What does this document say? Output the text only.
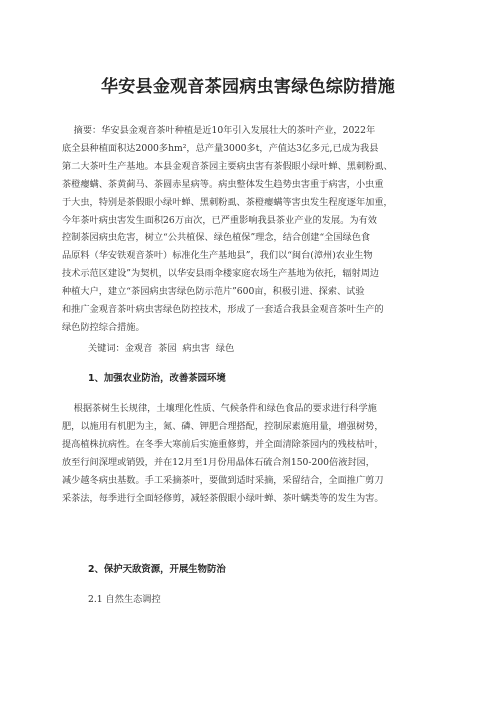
华安县金观音茶园病虫害绿色综防措施
摘要：华安县金观音茶叶种植是近10年引入发展壮大的茶叶产业，2022年
底全县种植面积达2000多hm²，总产量3000多t，产值达3亿多元,已成为我县
第二大茶叶生产基地。本县金观音茶园主要病虫害有茶假眼小绿叶蝉、黑刺粉虱、
茶橙瘿螨、茶黄蓟马、茶圆赤星病等。病虫整体发生趋势虫害重于病害，小虫重
于大虫，特别是茶假眼小绿叶蝉、黑刺粉虱、茶橙瘿螨等害虫发生程度逐年加重，
今年茶叶病虫害发生面积26万亩次，已严重影响我县茶业产业的发展。为有效
控制茶园病虫危害，树立“公共植保、绿色植保”理念，结合创建“全国绿色食
品原料（华安铁观音茶叶）标准化生产基地县”，我们以“闽台(漳州)农业生物
技术示范区建设”为契机，以华安县雨伞楼家庭农场生产基地为依托，辐射周边
种植大户，建立“茶园病虫害绿色防示范片”600亩，积极引进、探索、试验
和推广金观音茶叶病虫害绿色防控技术，形成了一套适合我县金观音茶叶生产的
绿色防控综合措施。
关键词：金观音  茶园  病虫害  绿色
1、加强农业防治，改善茶园环境
根据茶树生长规律，土壤理化性质、气候条件和绿色食品的要求进行科学施
肥，以施用有机肥为主，氮、磷、钾肥合理搭配，控制尿素施用量，增强树势，
提高植株抗病性。在冬季大寒前后实施重修剪，并全面清除茶园内的残枝枯叶，
放至行间深埋或销毁，并在12月至1月份用晶体石硫合剂150-200倍液封园，
减少越冬病虫基数。手工采摘茶叶，要做到适时采摘，采留结合，全面推广剪刀
采茶法，每季进行全面轻修剪，减轻茶假眼小绿叶蝉、茶叶螨类等的发生为害。
2、保护天敌资源，开展生物防治
2.1 自然生态调控
